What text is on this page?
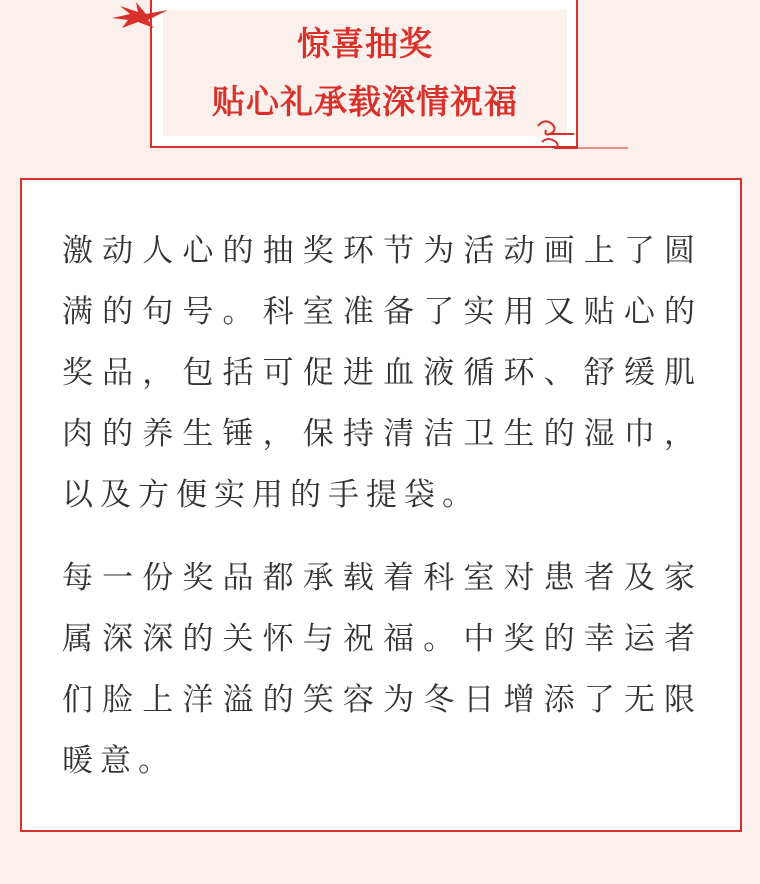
惊喜抽奖
贴心礼承载深情祝福

激动人心的抽奖环节为活动画上了圆满的句号。科室准备了实用又贴心的奖品，包括可促进血液循环、舒缓肌肉的养生锤，保持清洁卫生的湿巾，以及方便实用的手提袋。

每一份奖品都承载着科室对患者及家属深深的关怀与祝福。中奖的幸运者们脸上洋溢的笑容为冬日增添了无限暖意。
